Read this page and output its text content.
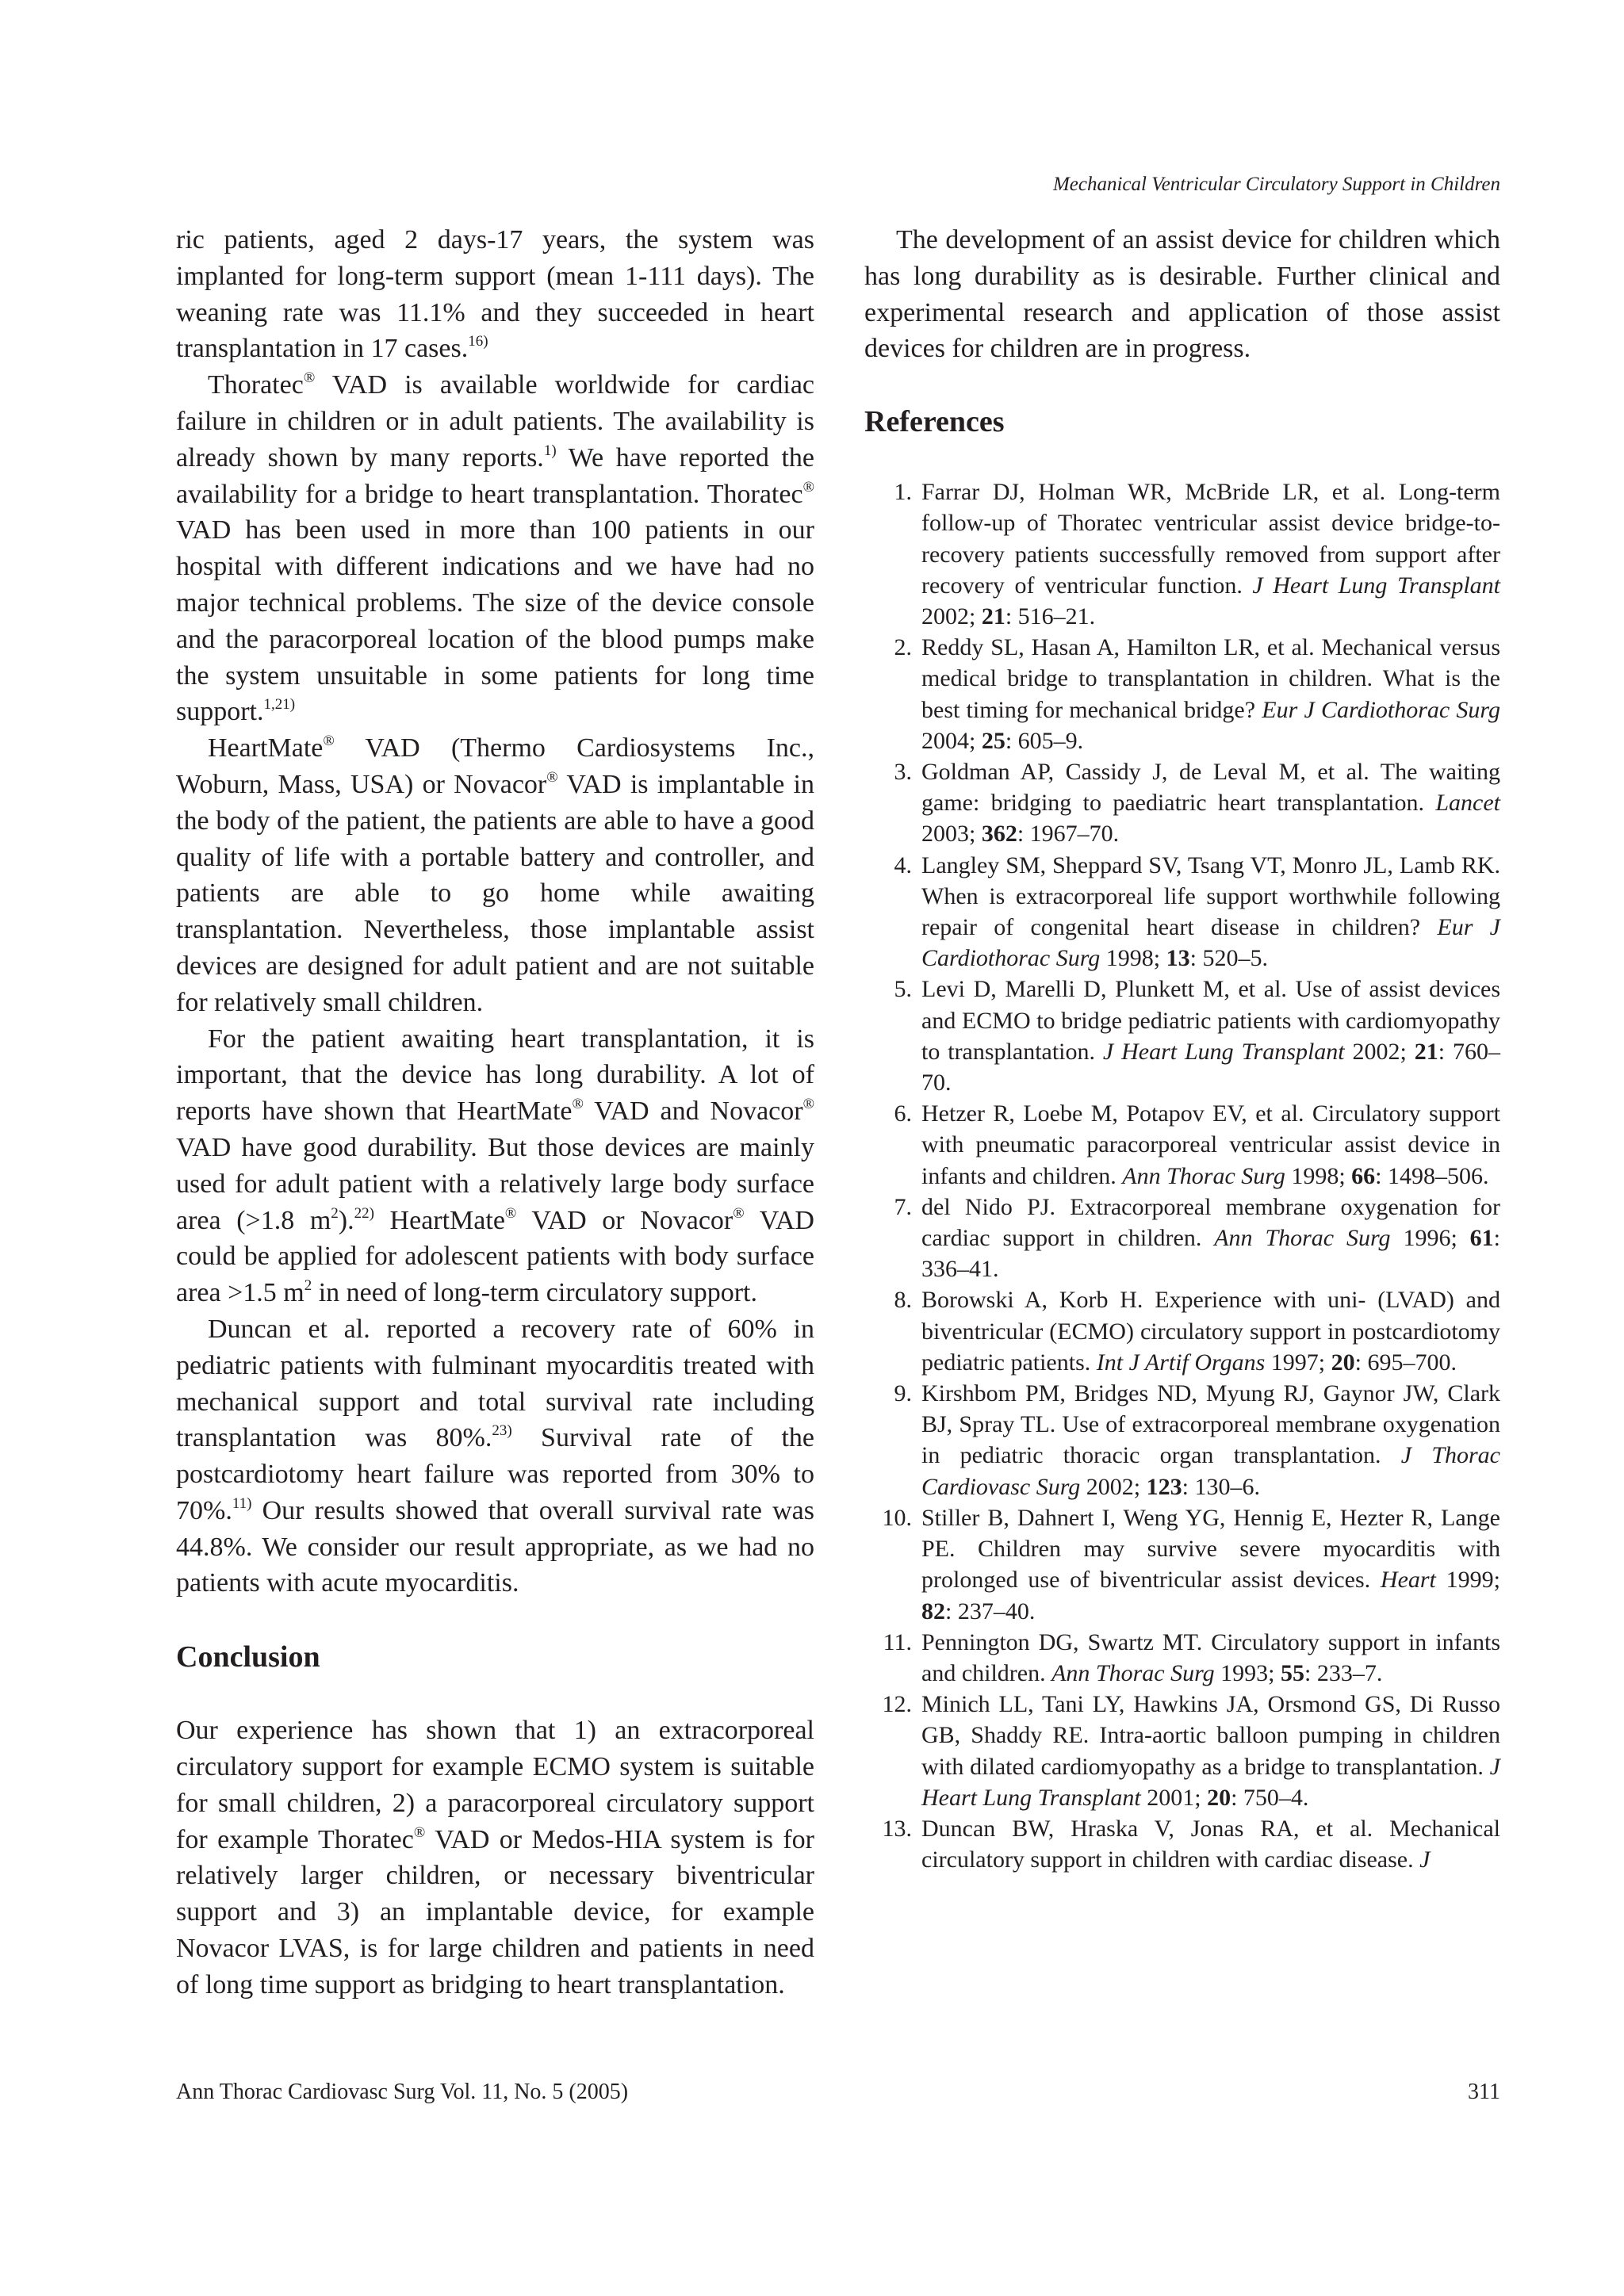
Mechanical Ventricular Circulatory Support in Children

ric patients, aged 2 days-17 years, the system was implanted for long-term support (mean 1-111 days). The weaning rate was 11.1% and they succeeded in heart transplantation in 17 cases.$^{16)}$

Thoratec® VAD is available worldwide for cardiac failure in children or in adult patients. The availability is already shown by many reports.$^{1)}$ We have reported the availability for a bridge to heart transplantation. Thoratec® VAD has been used in more than 100 patients in our hospital with different indications and we have had no major technical problems. The size of the device console and the paracorporeal location of the blood pumps make the system unsuitable in some patients for long time support.$^{1,21)}$

HeartMate® VAD (Thermo Cardiosystems Inc., Woburn, Mass, USA) or Novacor® VAD is implantable in the body of the patient, the patients are able to have a good quality of life with a portable battery and controller, and patients are able to go home while awaiting transplantation. Nevertheless, those implantable assist devices are designed for adult patient and are not suitable for relatively small children.

For the patient awaiting heart transplantation, it is important, that the device has long durability. A lot of reports have shown that HeartMate® VAD and Novacor® VAD have good durability. But those devices are mainly used for adult patient with a relatively large body surface area (>1.8 $m^2).^{22)}$ HeartMate® VAD or Novacor® VAD could be applied for adolescent patients with body surface area >1.5 $m^2$ in need of long-term circulatory support.

Duncan et al. reported a recovery rate of 60% in pediatric patients with fulminant myocarditis treated with mechanical support and total survival rate including transplantation was 80%.$^{23)}$ Survival rate of the postcardiotomy heart failure was reported from 30% to 70%.$^{11)}$ Our results showed that overall survival rate was 44.8%. We consider our result appropriate, as we had no patients with acute myocarditis.

Conclusion

Our experience has shown that 1) an extracorporeal circulatory support for example ECMO system is suitable for small children, 2) a paracorporeal circulatory support for example Thoratec® VAD or Medos-HIA system is for relatively larger children, or necessary biventricular support and 3) an implantable device, for example Novacor LVAS, is for large children and patients in need of long time support as bridging to heart transplantation.

The development of an assist device for children which has long durability as is desirable. Further clinical and experimental research and application of those assist devices for children are in progress.

References
1. Farrar DJ, Holman WR, McBride LR, et al. Long-term follow-up of Thoratec ventricular assist device bridge-to-recovery patients successfully removed from support after recovery of ventricular function. J Heart Lung Transplant 2002; 21: 516–21.
2. Reddy SL, Hasan A, Hamilton LR, et al. Mechanical versus medical bridge to transplantation in children. What is the best timing for mechanical bridge? Eur J Cardiothorac Surg 2004; 25: 605–9.
3. Goldman AP, Cassidy J, de Leval M, et al. The waiting game: bridging to paediatric heart transplantation. Lancet 2003; 362: 1967–70.
4. Langley SM, Sheppard SV, Tsang VT, Monro JL, Lamb RK. When is extracorporeal life support worthwhile following repair of congenital heart disease in children? Eur J Cardiothorac Surg 1998; 13: 520–5.
5. Levi D, Marelli D, Plunkett M, et al. Use of assist devices and ECMO to bridge pediatric patients with cardiomyopathy to transplantation. J Heart Lung Transplant 2002; 21: 760–70.
6. Hetzer R, Loebe M, Potapov EV, et al. Circulatory support with pneumatic paracorporeal ventricular assist device in infants and children. Ann Thorac Surg 1998; 66: 1498–506.
7. del Nido PJ. Extracorporeal membrane oxygenation for cardiac support in children. Ann Thorac Surg 1996; 61: 336–41.
8. Borowski A, Korb H. Experience with uni- (LVAD) and biventricular (ECMO) circulatory support in postcardiotomy pediatric patients. Int J Artif Organs 1997; 20: 695–700.
9. Kirshbom PM, Bridges ND, Myung RJ, Gaynor JW, Clark BJ, Spray TL. Use of extracorporeal membrane oxygenation in pediatric thoracic organ transplantation. J Thorac Cardiovasc Surg 2002; 123: 130–6.
10. Stiller B, Dahnert I, Weng YG, Hennig E, Hezter R, Lange PE. Children may survive severe myocarditis with prolonged use of biventricular assist devices. Heart 1999; 82: 237–40.
11. Pennington DG, Swartz MT. Circulatory support in infants and children. Ann Thorac Surg 1993; 55: 233–7.
12. Minich LL, Tani LY, Hawkins JA, Orsmond GS, Di Russo GB, Shaddy RE. Intra-aortic balloon pumping in children with dilated cardiomyopathy as a bridge to transplantation. J Heart Lung Transplant 2001; 20: 750–4.
13. Duncan BW, Hraska V, Jonas RA, et al. Mechanical circulatory support in children with cardiac disease. J
Ann Thorac Cardiovasc Surg Vol. 11, No. 5 (2005)	311
